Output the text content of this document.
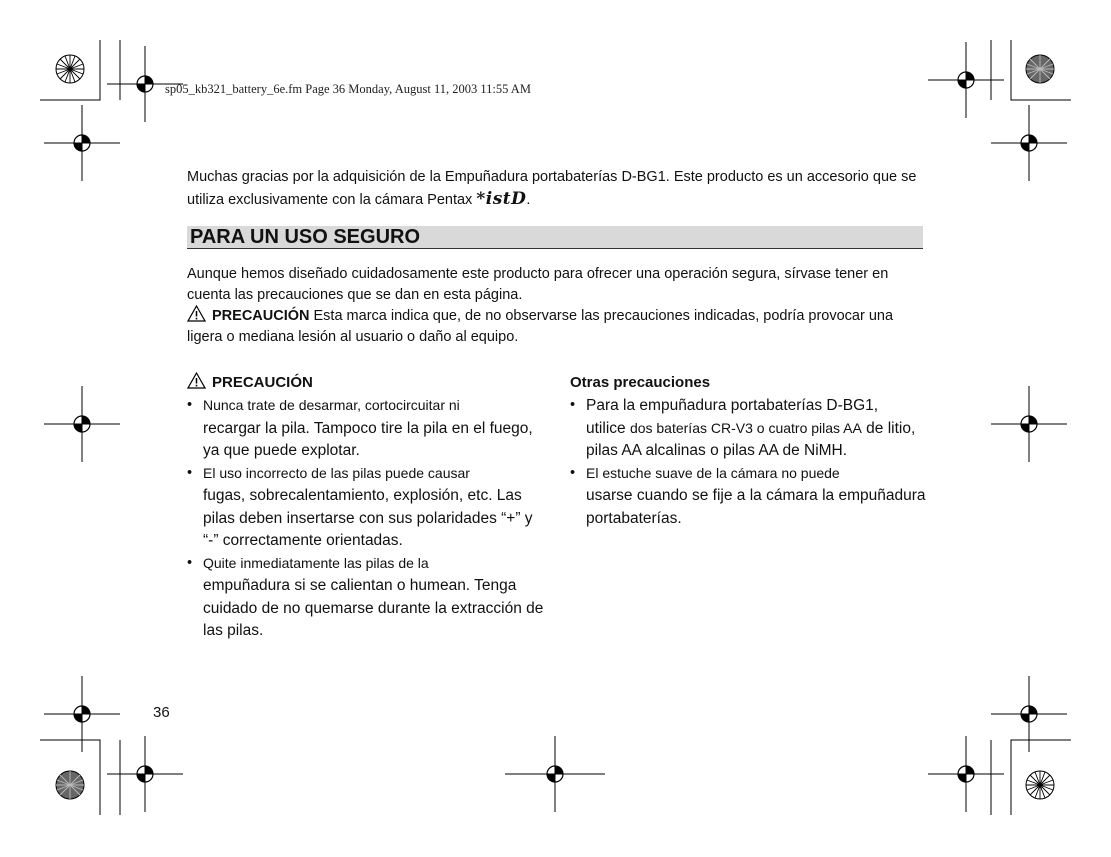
sp05_kb321_battery_6e.fm Page 36 Monday, August 11, 2003 11:55 AM
Muchas gracias por la adquisición de la Empuñadura portabaterías D-BG1. Este producto es un accesorio que se utiliza exclusivamente con la cámara Pentax *istD.
PARA UN USO SEGURO
Aunque hemos diseñado cuidadosamente este producto para ofrecer una operación segura, sírvase tener en cuenta las precauciones que se dan en esta página.
PRECAUCIÓN Esta marca indica que, de no observarse las precauciones indicadas, podría provocar una ligera o mediana lesión al usuario o daño al equipo.
PRECAUCIÓN
• Nunca trate de desarmar, cortocircuitar ni
recargar la pila. Tampoco tire la pila en el fuego, ya que puede explotar.
• El uso incorrecto de las pilas puede causar
fugas, sobrecalentamiento, explosión, etc. Las pilas deben insertarse con sus polaridades “+” y “-” correctamente orientadas.
• Quite inmediatamente las pilas de la
empuñadura si se calientan o humean. Tenga cuidado de no quemarse durante la extracción de las pilas.
Otras precauciones
• Para la empuñadura portabaterías D-BG1,
utilice dos baterías CR-V3 o cuatro pilas AA de litio, pilas AA alcalinas o pilas AA de NiMH.
• El estuche suave de la cámara no puede
usarse cuando se fije a la cámara la empuñadura portabaterías.
36
